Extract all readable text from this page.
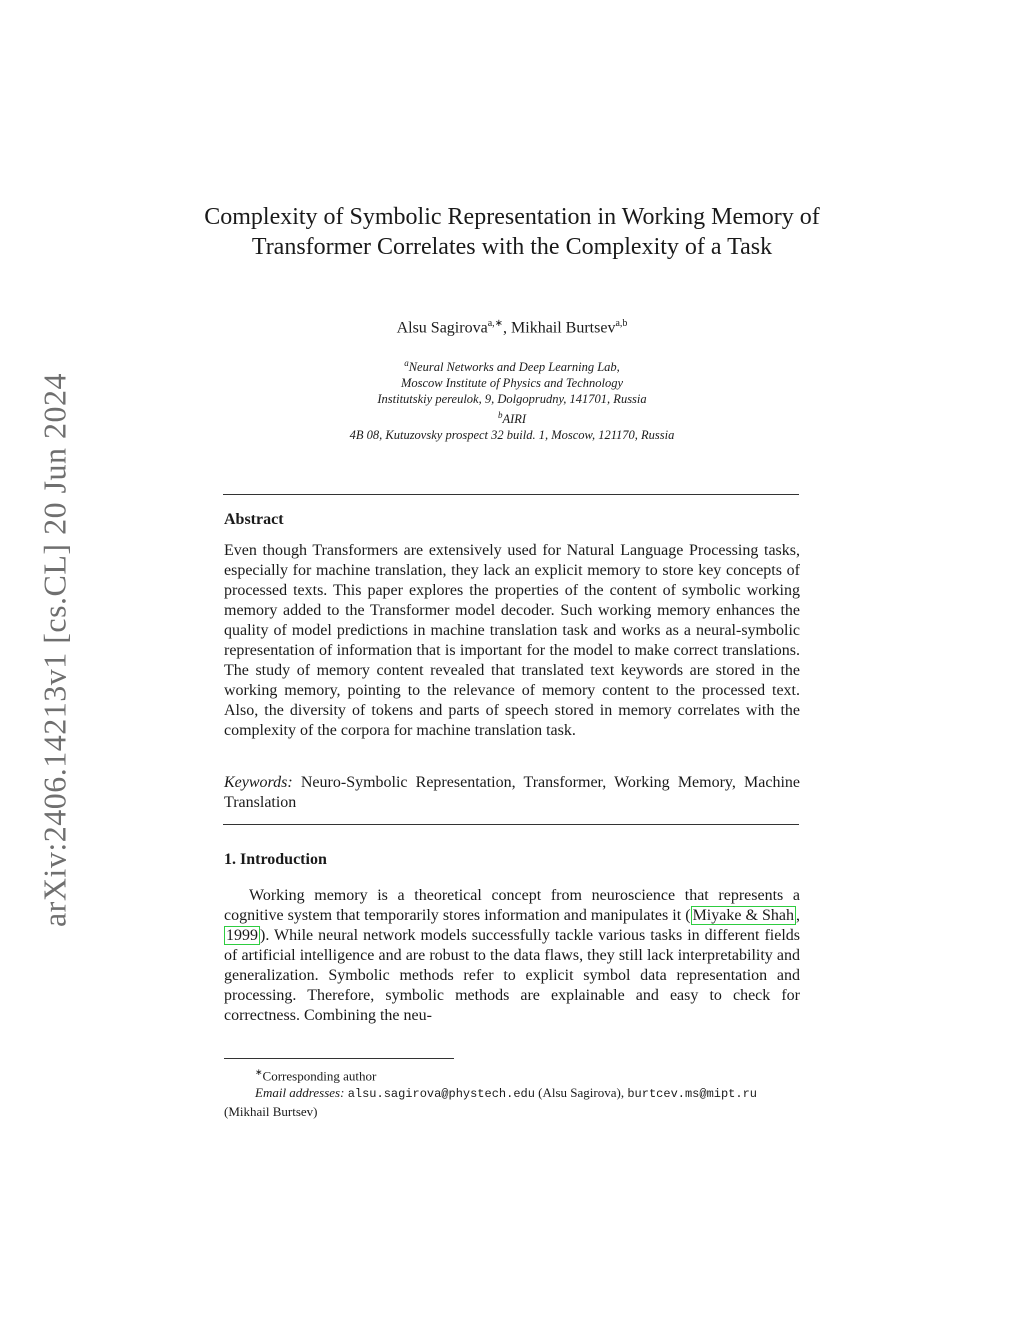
arXiv:2406.14213v1 [cs.CL] 20 Jun 2024
Complexity of Symbolic Representation in Working Memory of Transformer Correlates with the Complexity of a Task
Alsu Sagirova$^{a,∗}$, Mikhail Burtsev$^{a,b}$
$^a$Neural Networks and Deep Learning Lab,
Moscow Institute of Physics and Technology
Institutskiy pereulok, 9, Dolgoprudny, 141701, Russia
$^b$AIRI
4B 08, Kutuzovsky prospect 32 build. 1, Moscow, 121170, Russia
Abstract
Even though Transformers are extensively used for Natural Language Processing tasks, especially for machine translation, they lack an explicit memory to store key concepts of processed texts. This paper explores the properties of the content of symbolic working memory added to the Transformer model decoder. Such working memory enhances the quality of model predictions in machine translation task and works as a neural-symbolic representation of information that is important for the model to make correct translations. The study of memory content revealed that translated text keywords are stored in the working memory, pointing to the relevance of memory content to the processed text. Also, the diversity of tokens and parts of speech stored in memory correlates with the complexity of the corpora for machine translation task.
Keywords: Neuro-Symbolic Representation, Transformer, Working Memory, Machine Translation
1. Introduction
Working memory is a theoretical concept from neuroscience that represents a cognitive system that temporarily stores information and manipulates it ( Miyake & Shah , 1999 ). While neural network models successfully tackle various tasks in different fields of artificial intelligence and are robust to the data flaws, they still lack interpretability and generalization. Symbolic methods refer to explicit symbol data representation and processing. Therefore, symbolic methods are explainable and easy to check for correctness. Combining the neu-
∗Corresponding author
Email addresses: alsu.sagirova@phystech.edu (Alsu Sagirova), burtcev.ms@mipt.ru
(Mikhail Burtsev)
